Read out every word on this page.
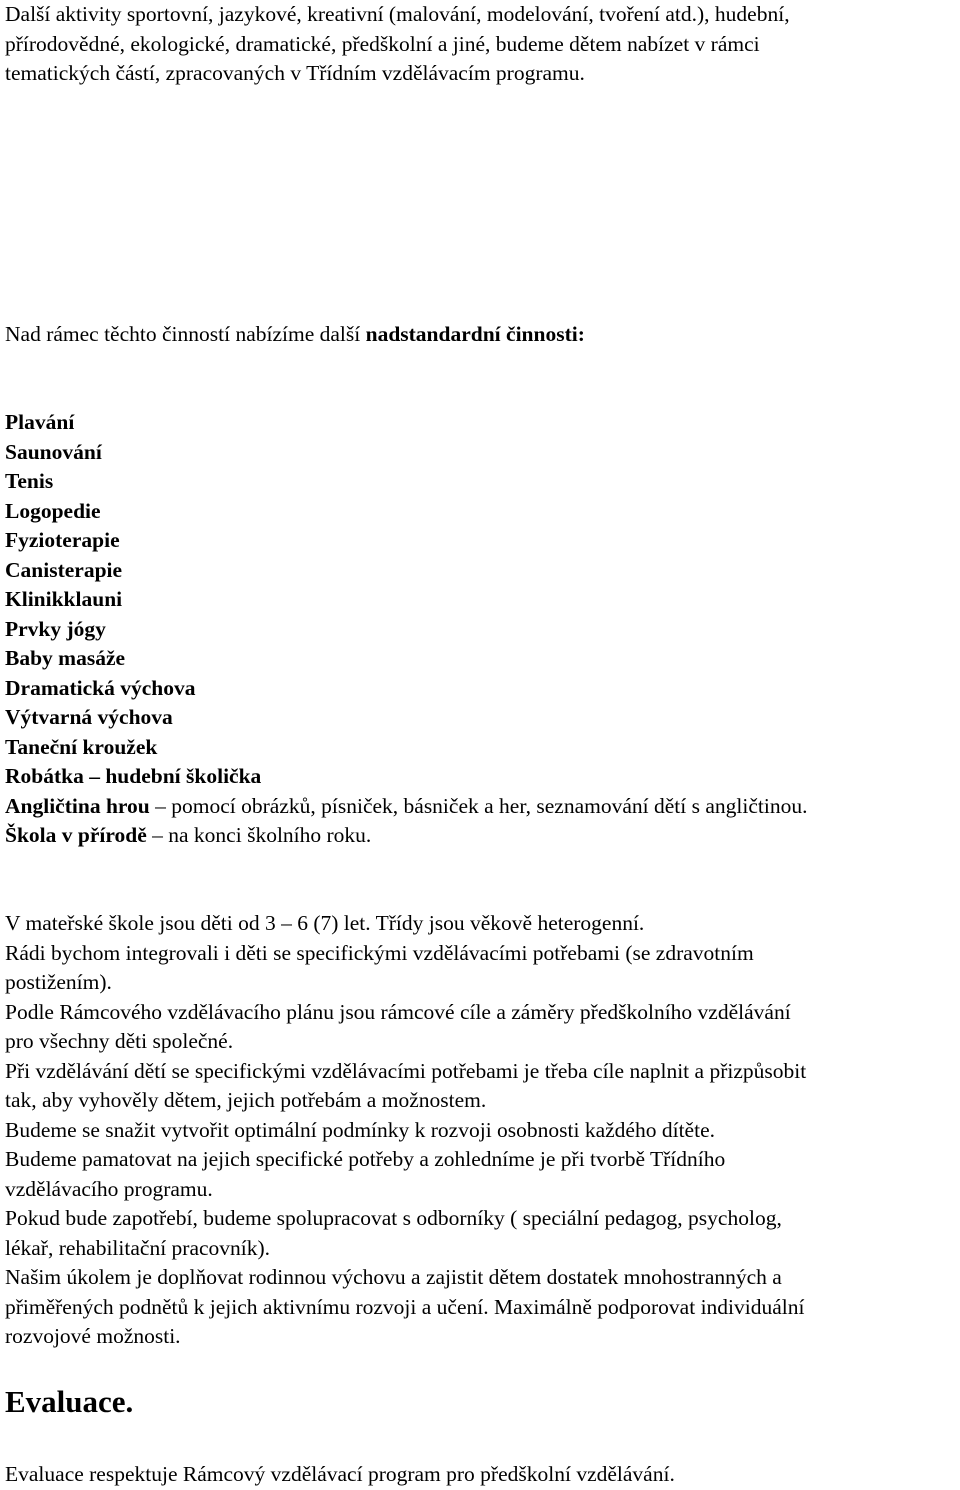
Další aktivity sportovní, jazykové, kreativní (malování, modelování, tvoření atd.), hudební,

přírodovědné, ekologické, dramatické, předškolní a jiné, budeme dětem nabízet v rámci

tematických částí, zpracovaných v Třídním vzdělávacím programu.

Nad rámec těchto činností nabízíme další nadstandardní činnosti:

Plavání

Saunování

Tenis

Logopedie

Fyzioterapie

Canisterapie

Klinikklauni

Prvky jógy

Baby masáže

Dramatická výchova

Výtvarná výchova

Taneční kroužek

Robátka – hudební školička

Angličtina hrou – pomocí obrázků, písniček, básniček a her, seznamování dětí s angličtinou.

Škola v přírodě – na konci školního roku.

V mateřské škole jsou děti od 3 – 6 (7) let. Třídy jsou věkově heterogenní.

Rádi bychom integrovali i děti se specifickými vzdělávacími potřebami (se zdravotním

postižením).

Podle Rámcového vzdělávacího plánu jsou rámcové cíle a záměry předškolního vzdělávání

pro všechny děti společné.

Při vzdělávání dětí se specifickými vzdělávacími potřebami je třeba cíle naplnit a přizpůsobit

tak, aby vyhověly dětem, jejich potřebám a možnostem.

Budeme se snažit vytvořit optimální podmínky k rozvoji osobnosti každého dítěte.

Budeme pamatovat na jejich specifické potřeby a zohledníme je při tvorbě Třídního

vzdělávacího programu.

Pokud bude zapotřebí, budeme spolupracovat s odborníky ( speciální pedagog, psycholog,

lékař, rehabilitační pracovník).

Našim úkolem je doplňovat rodinnou výchovu a zajistit dětem dostatek mnohostranných a

přiměřených podnětů k jejich aktivnímu rozvoji a učení. Maximálně podporovat individuální

rozvojové možnosti.

Evaluace.

Evaluace respektuje Rámcový vzdělávací program pro předškolní vzdělávání.
